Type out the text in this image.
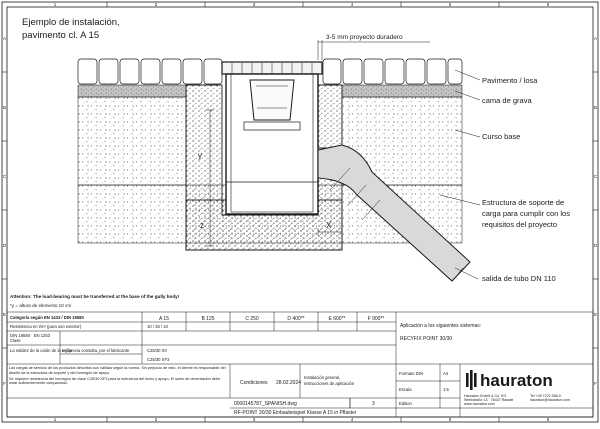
1	2	3	4	5	6
1	2	3	4	5	6
A
B
C
D
E
F
A
B
C
D
E
F
Ejemplo de instalación,
pavimento cl. A 15	3-5 mm proyecto duradero
y
z	X
Pavimento / losa
cama de grava
Curso base
Estructura de soporte de
carga para cumplir con los
requisitos del proyecto
salida de tubo DN 110
Attention: The load-bearing must be transferred at the base of the gully body!
*y = altura de elemento 10 cm
Categoría según EN 1433 / DIN 19580	A 15	B 125	C 250	D 400**	E 600**	F 900**
Resistencia en t/m² (para uso exterior)	10 / 35 / 10
DIN 19580 · EN 1253
Clase
La solidez de la unión de la rejilla
es, previa consulta, por el fabricante	C25/30 X0
C25/30 XF3
Las cargas de servicio de los productos descritos son válidas según la norma. Sin perjuicio de esto, el cliente es responsable del diseño de la estructura de soporte y del hormigón de apoyo.
Se requiere resistencia del hormigón de clase C25/30 XF3 para la estructura del lecho y apoyo. El suelo de cimentación debe estar suficientemente compactado.
Aplicación a los siguientes sistemas:
RECYFIX POINT 30/30
Condiciones 28.02.2024
Instalación general,
instrucciones de aplicación
0000145787_SPANISH.dwg	3
RF-POINT 30/30 Einbaubeispiel Klasse A 15 in Pflaster
Formato DIN	A4
Escala	1:5
Edition
hauraton
Hauraton GmbH & Co. KG
Werkstraße 13 · 76437 Rastatt
www.hauraton.com
Tel +49 7222 958-0
hauraton@hauraton.com
